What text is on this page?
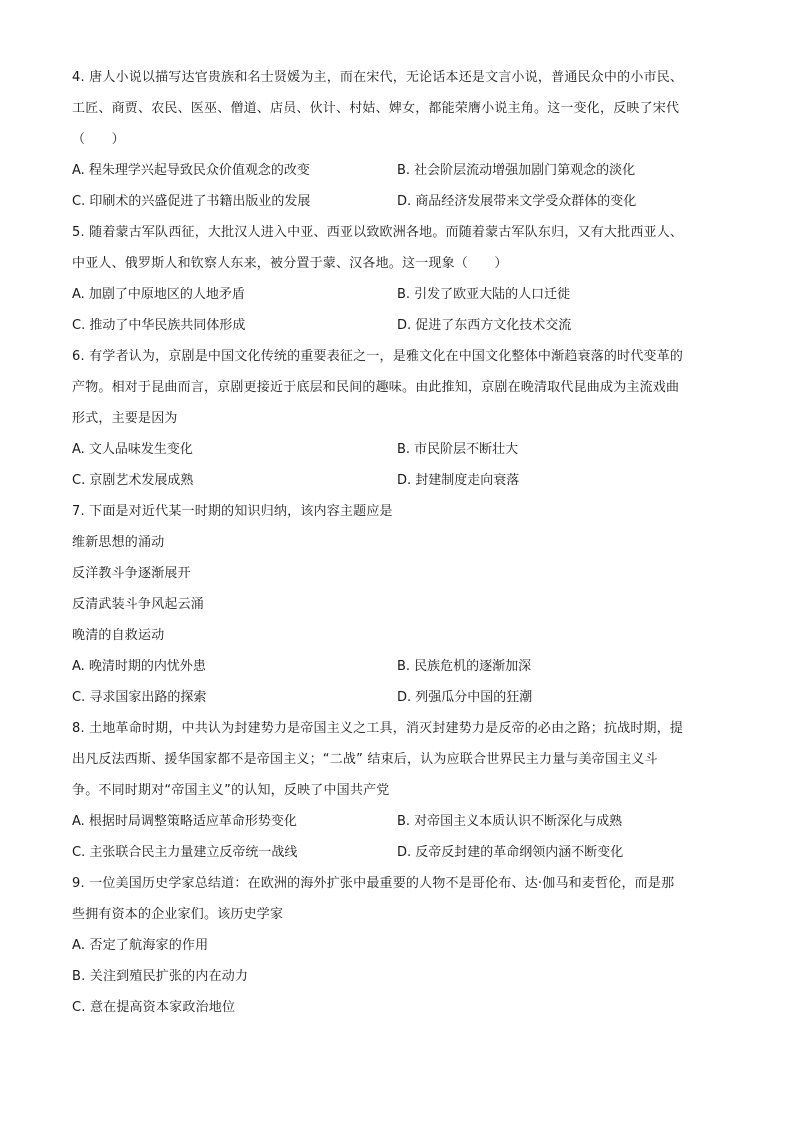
4. 唐人小说以描写达官贵族和名士贤媛为主，而在宋代，无论话本还是文言小说，普通民众中的小市民、
工匠、商贾、农民、医巫、僧道、店员、伙计、村姑、婢女，都能荣膺小说主角。这一变化，反映了宋代
（　　）
A. 程朱理学兴起导致民众价值观念的改变	B. 社会阶层流动增强加剧门第观念的淡化
C. 印刷术的兴盛促进了书籍出版业的发展	D. 商品经济发展带来文学受众群体的变化
5. 随着蒙古军队西征，大批汉人进入中亚、西亚以致欧洲各地。而随着蒙古军队东归，又有大批西亚人、
中亚人、俄罗斯人和钦察人东来，被分置于蒙、汉各地。这一现象（　　）
A. 加剧了中原地区的人地矛盾	B. 引发了欧亚大陆的人口迁徙
C. 推动了中华民族共同体形成	D. 促进了东西方文化技术交流
6. 有学者认为，京剧是中国文化传统的重要表征之一，是雅文化在中国文化整体中渐趋衰落的时代变革的
产物。相对于昆曲而言，京剧更接近于底层和民间的趣味。由此推知，京剧在晚清取代昆曲成为主流戏曲
形式，主要是因为
A. 文人品味发生变化	B. 市民阶层不断壮大
C. 京剧艺术发展成熟	D. 封建制度走向衰落
7. 下面是对近代某一时期的知识归纳，该内容主题应是
维新思想的涌动
反洋教斗争逐渐展开
反清武装斗争风起云涌
晚清的自救运动
A. 晚清时期的内忧外患	B. 民族危机的逐渐加深
C. 寻求国家出路的探索	D. 列强瓜分中国的狂潮
8. 土地革命时期，中共认为封建势力是帝国主义之工具，消灭封建势力是反帝的必由之路；抗战时期，提
出凡反法西斯、援华国家都不是帝国主义；“二战” 结束后，认为应联合世界民主力量与美帝国主义斗
争。不同时期对“帝国主义”的认知，反映了中国共产党
A. 根据时局调整策略适应革命形势变化	B. 对帝国主义本质认识不断深化与成熟
C. 主张联合民主力量建立反帝统一战线	D. 反帝反封建的革命纲领内涵不断变化
9. 一位美国历史学家总结道：在欧洲的海外扩张中最重要的人物不是哥伦布、达·伽马和麦哲伦，而是那
些拥有资本的企业家们。该历史学家
A. 否定了航海家的作用
B. 关注到殖民扩张的内在动力
C. 意在提高资本家政治地位
